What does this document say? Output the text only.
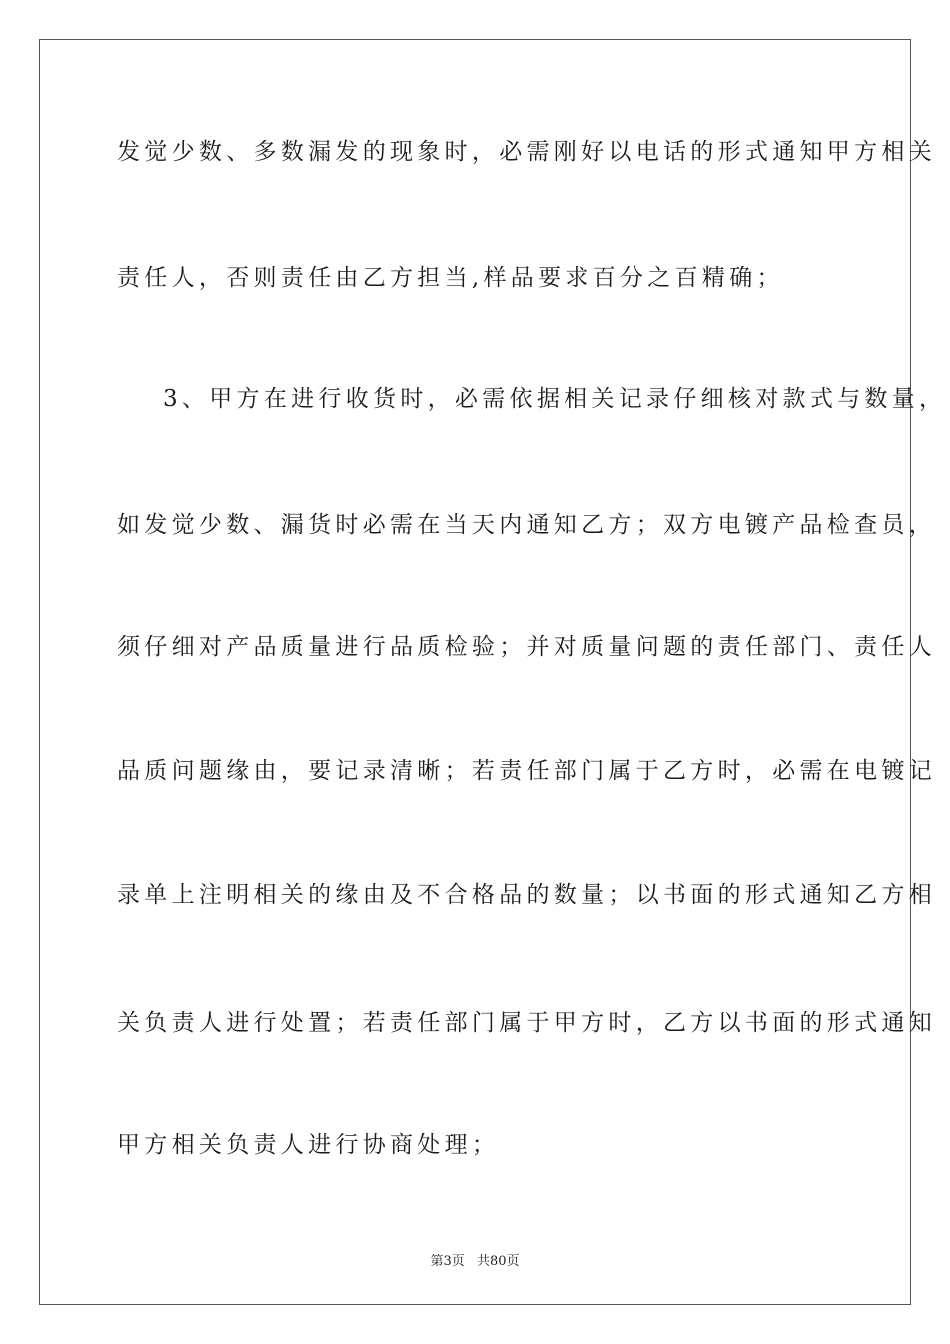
发觉少数、多数漏发的现象时，必需刚好以电话的形式通知甲方相关
责任人，否则责任由乙方担当,样品要求百分之百精确；
3、甲方在进行收货时，必需依据相关记录仔细核对款式与数量，
如发觉少数、漏货时必需在当天内通知乙方；双方电镀产品检查员，
须仔细对产品质量进行品质检验；并对质量问题的责任部门、责任人
品质问题缘由，要记录清晰；若责任部门属于乙方时，必需在电镀记
录单上注明相关的缘由及不合格品的数量；以书面的形式通知乙方相
关负责人进行处置；若责任部门属于甲方时，乙方以书面的形式通知
甲方相关负责人进行协商处理；
第3页 共80页
